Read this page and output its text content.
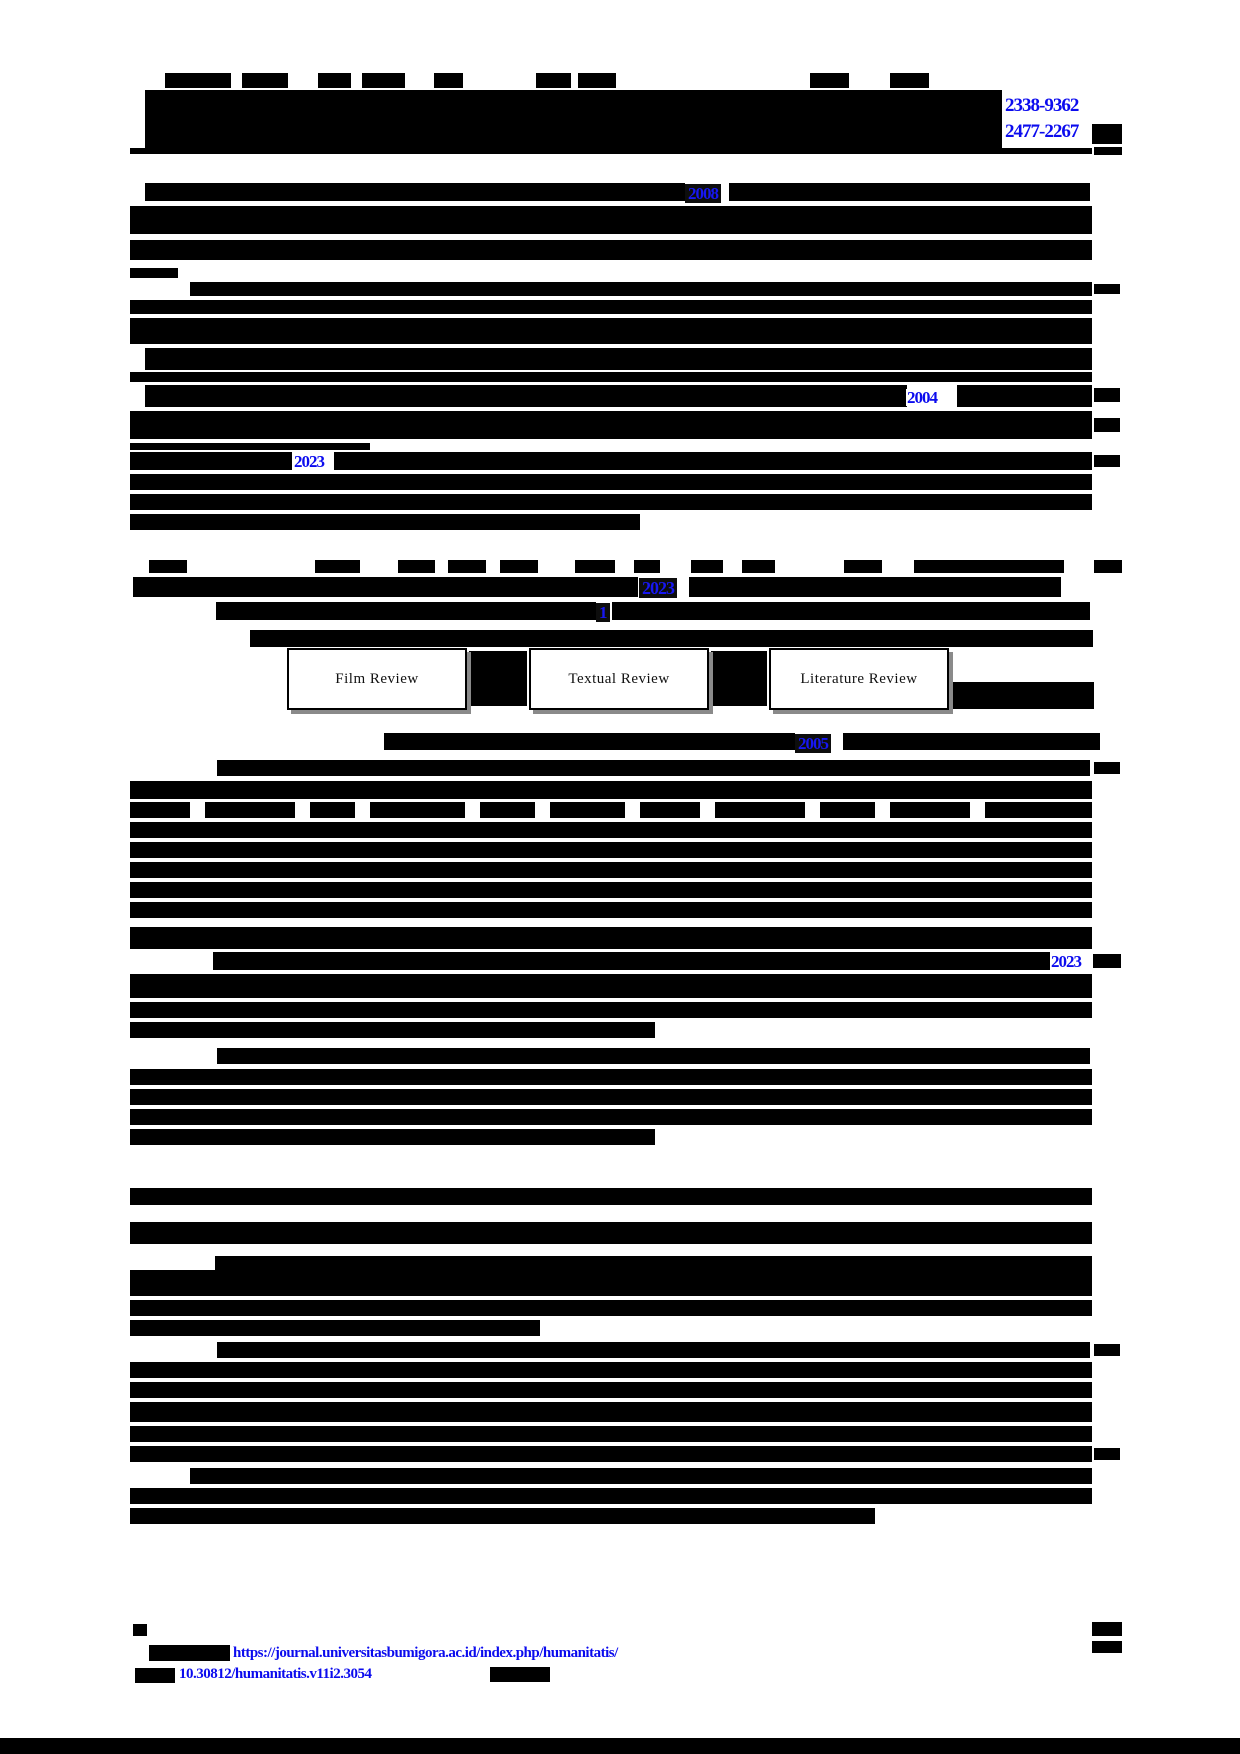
2338-9362
2477-2267
2008
2004
2023
2023
1
2005
2023
Film Review	Textual Review	Literature Review
https://journal.universitasbumigora.ac.id/index.php/humanitatis/
10.30812/humanitatis.v11i2.3054
